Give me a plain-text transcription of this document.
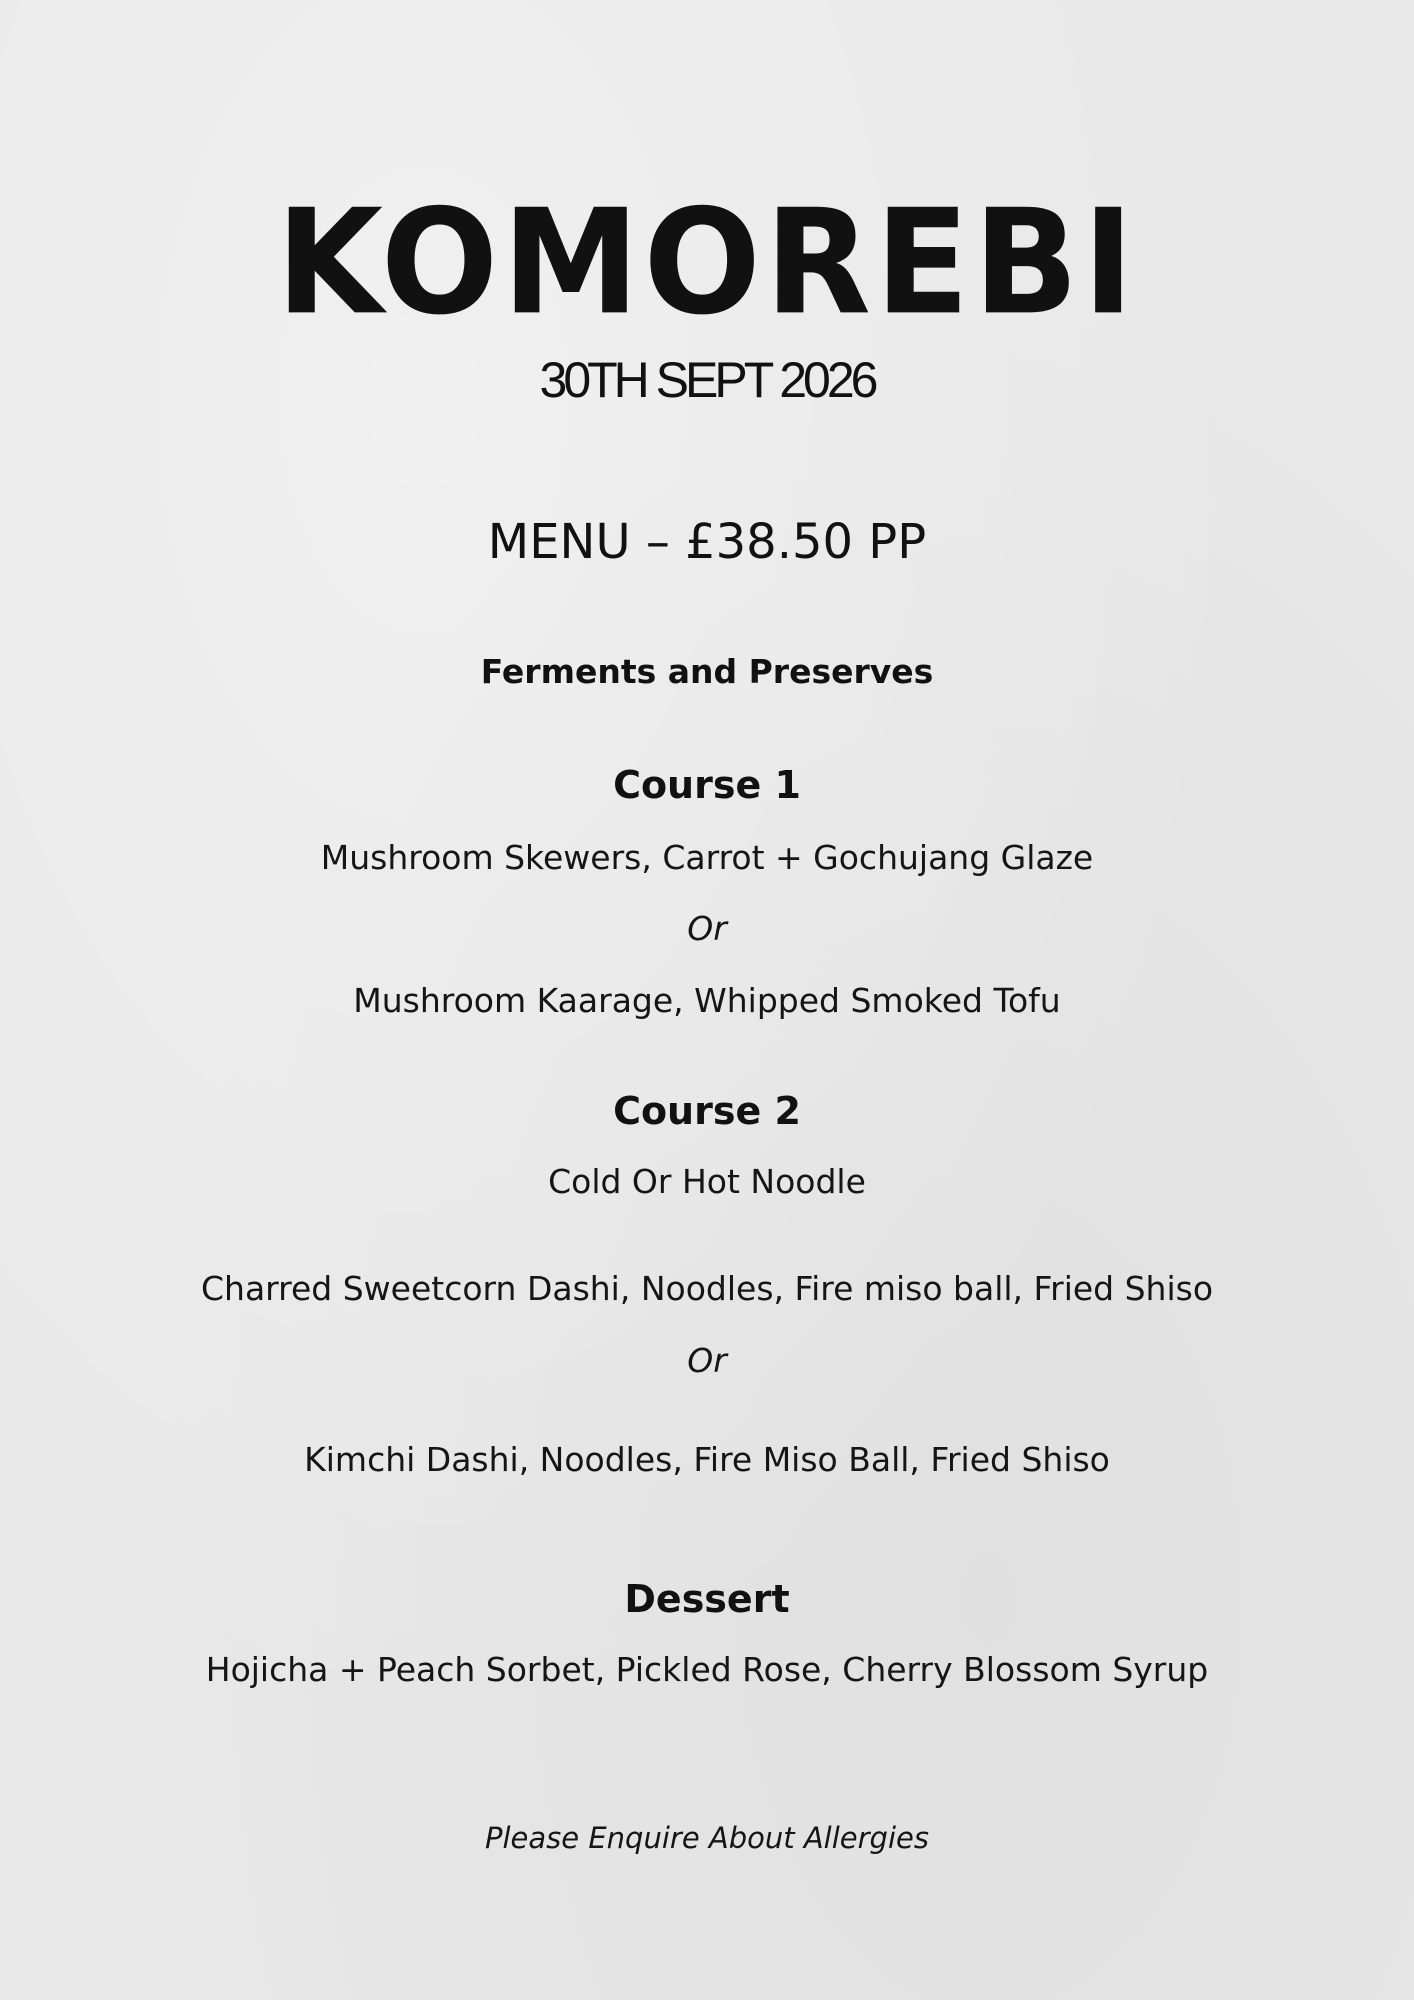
KOMOREBI
30TH SEPT 2026
MENU – £38.50 PP
Ferments and Preserves
Course 1
Mushroom Skewers, Carrot + Gochujang Glaze
Or
Mushroom Kaarage, Whipped Smoked Tofu
Course 2
Cold Or Hot Noodle
Charred Sweetcorn Dashi, Noodles, Fire miso ball, Fried Shiso
Or
Kimchi Dashi, Noodles, Fire Miso Ball, Fried Shiso
Dessert
Hojicha + Peach Sorbet, Pickled Rose, Cherry Blossom Syrup
Please Enquire About Allergies
